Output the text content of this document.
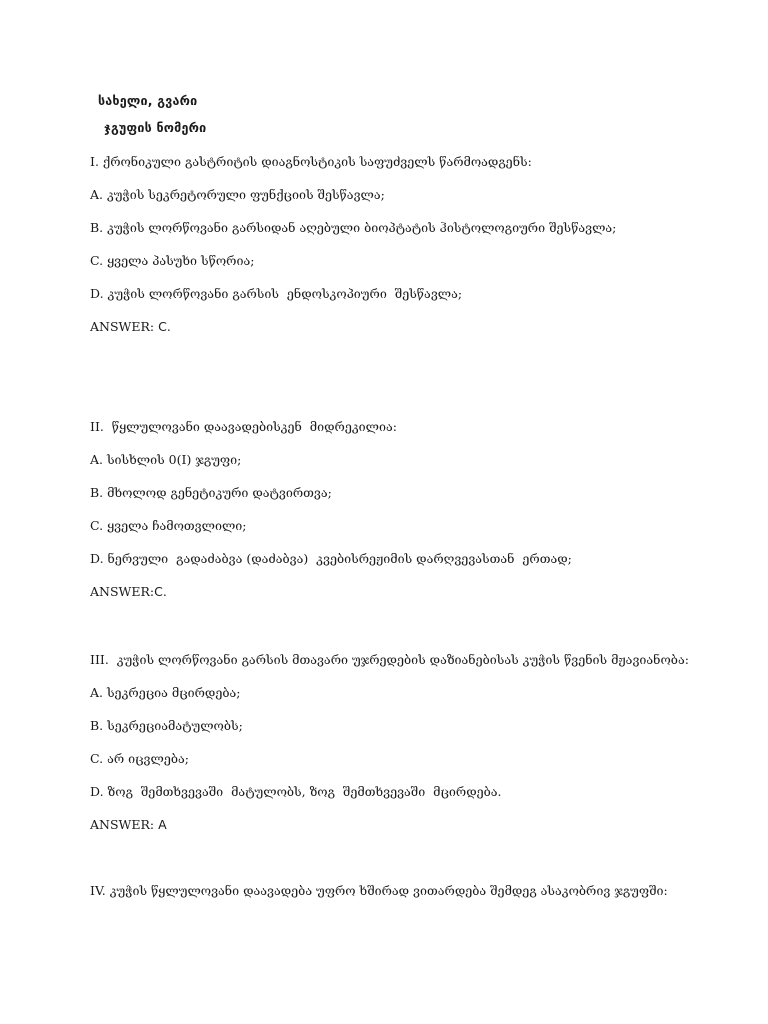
სახელი, გვარი
ჯგუფის ნომერი
I. ქრონიკული გასტრიტის დიაგნოსტიკის საფუძველს წარმოადგენს:
A. კუჭის სეკრეტორული ფუნქციის შესწავლა;
B. კუჭის ლორწოვანი გარსიდან აღებული ბიოპტატის ჰისტოლოგიური შესწავლა;
C. ყველა პასუხი სწორია;
D. კუჭის ლორწოვანი გარსის  ენდოსკოპიური  შესწავლა;
ANSWER: C.
II.  წყლულოვანი დაავადებისკენ  მიდრეკილია:
A. სისხლის 0(I) ჯგუფი;
B. მხოლოდ გენეტიკური დატვირთვა;
C. ყველა ჩამოთვლილი;
D. ნერვული  გადაძაბვა (დაძაბვა)  კვებისრეჟიმის დარღვევასთან  ერთად;
ANSWER:C.
III.  კუჭის ლორწოვანი გარსის მთავარი უჯრედების დაზიანებისას კუჭის წვენის მჟავიანობა:
A. სეკრეცია მცირდება;
B. სეკრეციამატულობს;
C. არ იცვლება;
D. ზოგ  შემთხვევაში  მატულობს, ზოგ  შემთხვევაში  მცირდება.
ANSWER: A
IV. კუჭის წყლულოვანი დაავადება უფრო ხშირად ვითარდება შემდეგ ასაკობრივ ჯგუფში:
